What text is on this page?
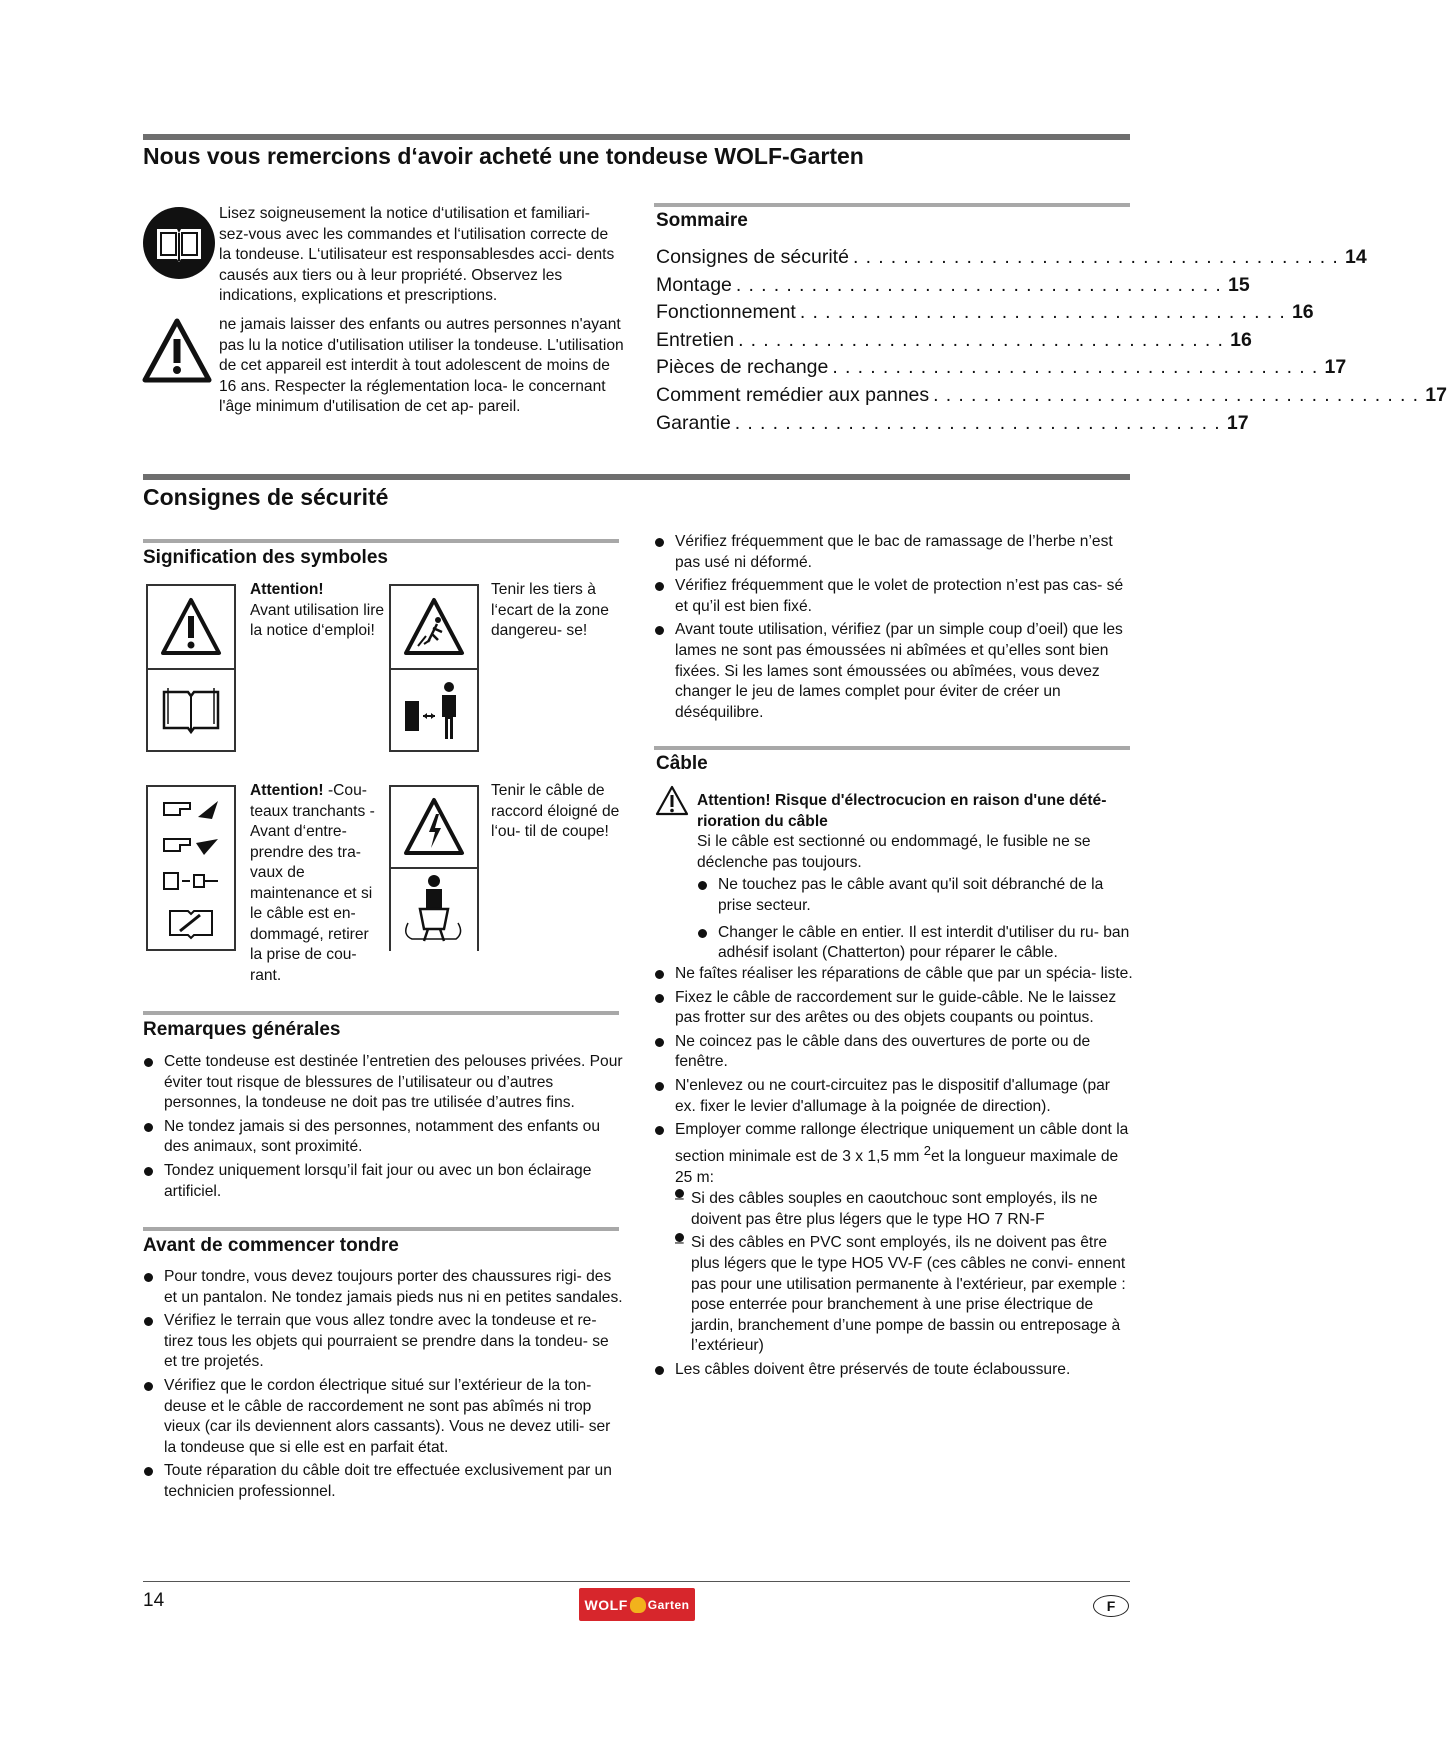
Nous vous remercions d‘avoir acheté une tondeuse WOLF-Garten
Lisez soigneusement la notice d‘utilisation et familiari- sez-vous avec les commandes et l‘utilisation correcte de la tondeuse. L‘utilisateur est responsablesdes acci- dents causés aux tiers ou à leur propriété. Observez les indications, explications et prescriptions.
ne jamais laisser des enfants ou autres personnes n'ayant pas lu la notice d'utilisation utiliser la tondeuse. L'utilisation de cet appareil est interdit à tout adolescent de moins de 16 ans. Respecter la réglementation loca- le concernant l'âge minimum d'utilisation de cet ap- pareil.
Sommaire
Consignes de sécurité ....................................... 14
Montage ....................................... 15
Fonctionnement ....................................... 16
Entretien ....................................... 16
Pièces de rechange ....................................... 17
Comment remédier aux pannes ....................................... 17
Garantie ....................................... 17
Consignes de sécurité
Signification des symboles
Attention!
Avant utilisation lire la notice d‘emploi!
Tenir les tiers à l‘ecart de la zone dangereu- se!
Attention! -Cou- teaux tranchants - Avant d‘entre- prendre des tra- vaux de maintenance et si le câble est en- dommagé, retirer la prise de cou- rant.
Tenir le câble de raccord éloigné de l‘ou- til de coupe!
Remarques générales
Cette tondeuse est destinée l’entretien des pelouses privées. Pour éviter tout risque de blessures de l’utilisateur ou d’autres personnes, la tondeuse ne doit pas tre utilisée d’autres fins.
Ne tondez jamais si des personnes, notamment des enfants ou des animaux, sont proximité.
Tondez uniquement lorsqu’il fait jour ou avec un bon éclairage artificiel.
Avant de commencer tondre
Pour tondre, vous devez toujours porter des chaussures rigi- des et un pantalon. Ne tondez jamais pieds nus ni en petites sandales.
Vérifiez le terrain que vous allez tondre avec la tondeuse et re- tirez tous les objets qui pourraient se prendre dans la tondeu- se et tre projetés.
Vérifiez que le cordon électrique situé sur l’extérieur de la ton- deuse et le câble de raccordement ne sont pas abîmés ni trop vieux (car ils deviennent alors cassants). Vous ne devez utili- ser la tondeuse que si elle est en parfait état.
Toute réparation du câble doit tre effectuée exclusivement par un technicien professionnel.
Vérifiez fréquemment que le bac de ramassage de l’herbe n’est pas usé ni déformé.
Vérifiez fréquemment que le volet de protection n’est pas cas- sé et qu’il est bien fixé.
Avant toute utilisation, vérifiez (par un simple coup d’oeil) que les lames ne sont pas émoussées ni abîmées et qu’elles sont bien fixées. Si les lames sont émoussées ou abîmées, vous devez changer le jeu de lames complet pour éviter de créer un déséquilibre.
Câble

Attention! Risque d'électrocucion en raison d'une dété- rioration du câble

Si le câble est sectionné ou endommagé, le fusible ne se déclenche pas toujours.

Ne touchez pas le câble avant qu'il soit débranché de la prise secteur.
Changer le câble en entier. Il est interdit d'utiliser du ru- ban adhésif isolant (Chatterton) pour réparer le câble.
Ne faîtes réaliser les réparations de câble que par un spécia- liste.
Fixez le câble de raccordement sur le guide-câble. Ne le laissez pas frotter sur des arêtes ou des objets coupants ou pointus.
Ne coincez pas le câble dans des ouvertures de porte ou de fenêtre.
N'enlevez ou ne court-circuitez pas le dispositif d'allumage (par ex. fixer le levier d'allumage à la poignée de direction).
Employer comme rallonge électrique uniquement un câble dont la section minimale est de 3 x 1,5 mm $^2$et la longueur maximale de 25 m:
– Si des câbles souples en caoutchouc sont employés, ils ne doivent pas être plus légers que le type HO 7 RN-F
– Si des câbles en PVC sont employés, ils ne doivent pas être plus légers que le type HO5 VV-F (ces câbles ne convi- ennent pas pour une utilisation permanente à l'extérieur, par exemple : pose enterrée pour branchement à une prise électrique de jardin, branchement d’une pompe de bassin ou entreposage à l’extérieur)
Les câbles doivent être préservés de toute éclaboussure.
14	WOLF Garten	F
